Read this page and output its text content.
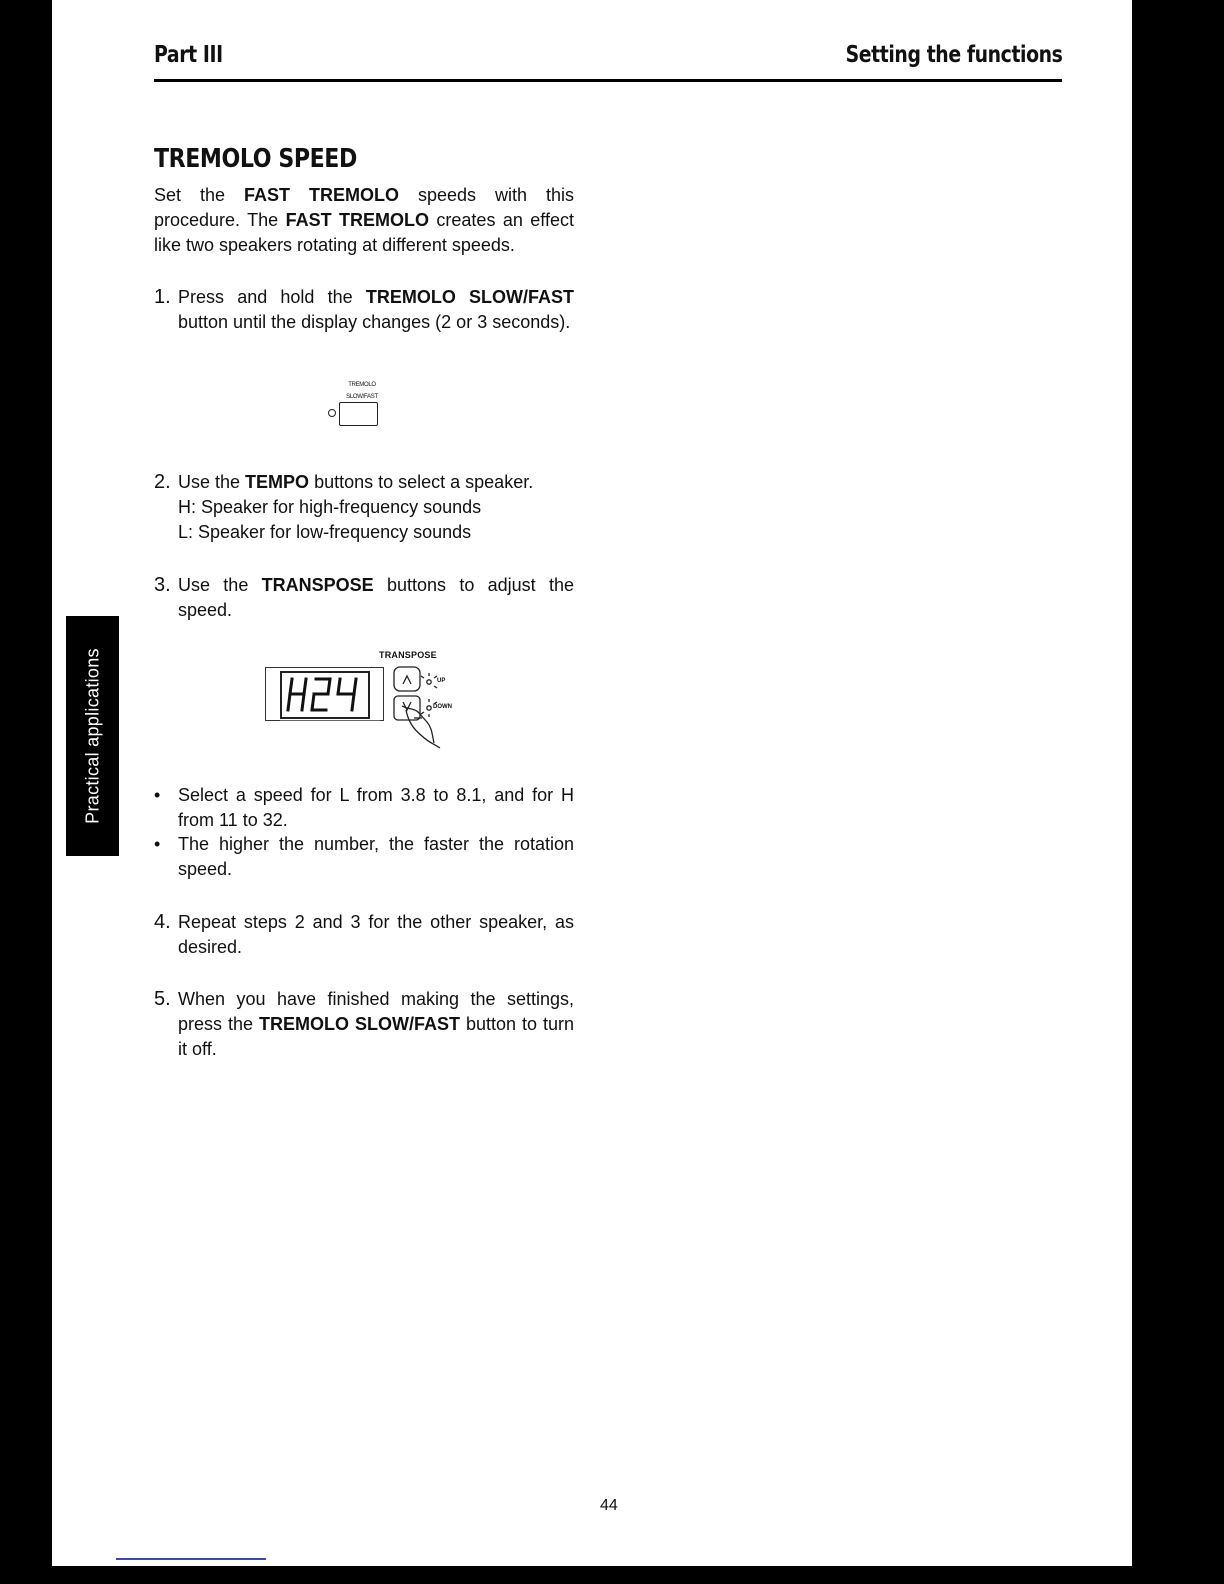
Part III	Setting the functions
TREMOLO SPEED
Set the FAST TREMOLO speeds with this procedure. The FAST TREMOLO creates an effect like two speakers rotating at different speeds.
1. Press and hold the TREMOLO SLOW/FAST button until the display changes (2 or 3 seconds).
TREMOLO
SLOW/FAST
2. Use the TEMPO buttons to select a speaker.
H: Speaker for high-frequency sounds
L: Speaker for low-frequency sounds
3. Use the TRANSPOSE buttons to adjust the speed.
TRANSPOSE
UP
DOWN
• Select a speed for L from 3.8 to 8.1, and for H from 11 to 32.
• The higher the number, the faster the rotation speed.
4. Repeat steps 2 and 3 for the other speaker, as desired.
5. When you have finished making the settings, press the TREMOLO SLOW/FAST button to turn it off.
44
Practical applications
